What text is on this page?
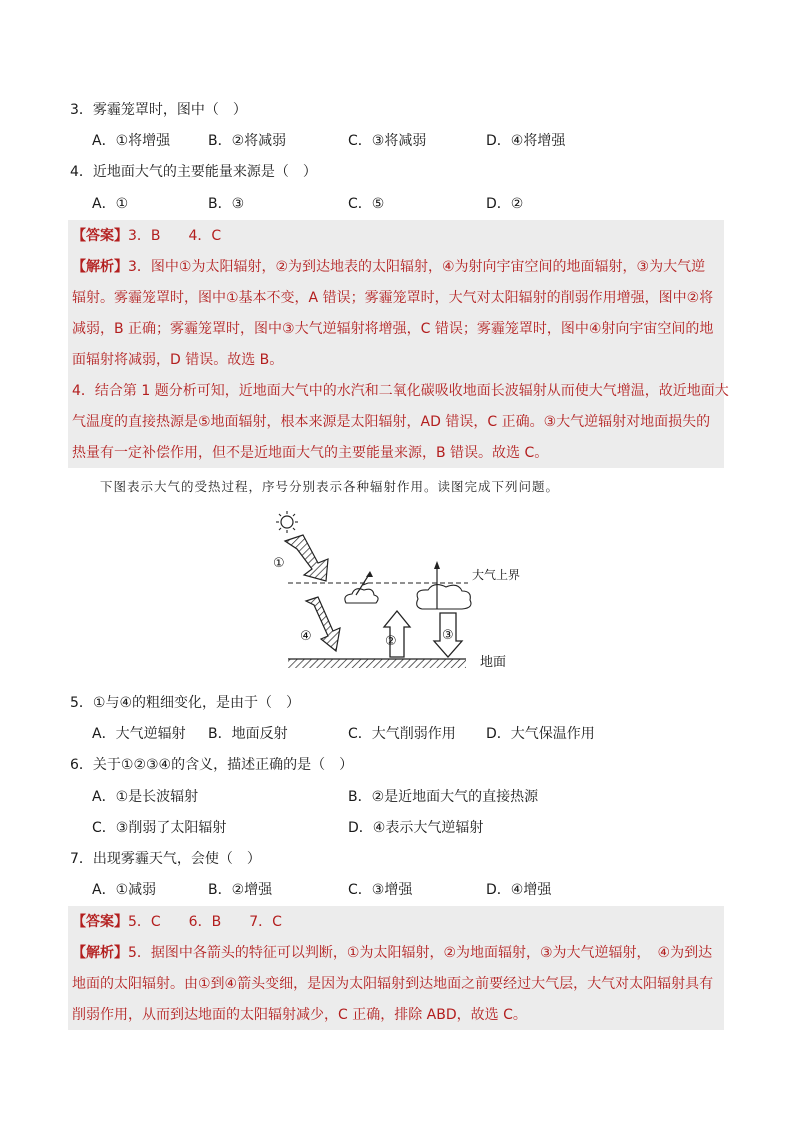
3．雾霾笼罩时，图中（　）
A．①将增强	B．②将减弱	C．③将减弱	D．④将增强
4．近地面大气的主要能量来源是（　）
A．①	B．③	C．⑤	D．②
【答案】3．B　　4．C
【解析】3．图中①为太阳辐射，②为到达地表的太阳辐射，④为射向宇宙空间的地面辐射，③为大气逆
辐射。雾霾笼罩时，图中①基本不变，A 错误；雾霾笼罩时，大气对太阳辐射的削弱作用增强，图中②将
减弱，B 正确；雾霾笼罩时，图中③大气逆辐射将增强，C 错误；雾霾笼罩时，图中④射向宇宙空间的地
面辐射将减弱，D 错误。故选 B。
4．结合第 1 题分析可知，近地面大气中的水汽和二氧化碳吸收地面长波辐射从而使大气增温，故近地面大
气温度的直接热源是⑤地面辐射，根本来源是太阳辐射，AD 错误，C 正确。③大气逆辐射对地面损失的
热量有一定补偿作用，但不是近地面大气的主要能量来源，B 错误。故选 C。
下图表示大气的受热过程，序号分别表示各种辐射作用。读图完成下列问题。
大气上界
地面
①
④	②	③
5．①与④的粗细变化，是由于（　）
A．大气逆辐射 B．地面反射	C．大气削弱作用 D．大气保温作用
6．关于①②③④的含义，描述正确的是（　）
A．①是长波辐射	B．②是近地面大气的直接热源
C．③削弱了太阳辐射	D．④表示大气逆辐射
7．出现雾霾天气，会使（　）
A．①减弱	B．②增强	C．③增强	D．④增强
【答案】5．C　　6．B　　7．C
【解析】5．据图中各箭头的特征可以判断，①为太阳辐射，②为地面辐射，③为大气逆辐射，　④为到达
地面的太阳辐射。由①到④箭头变细，是因为太阳辐射到达地面之前要经过大气层，大气对太阳辐射具有
削弱作用，从而到达地面的太阳辐射减少，C 正确，排除 ABD，故选 C。
